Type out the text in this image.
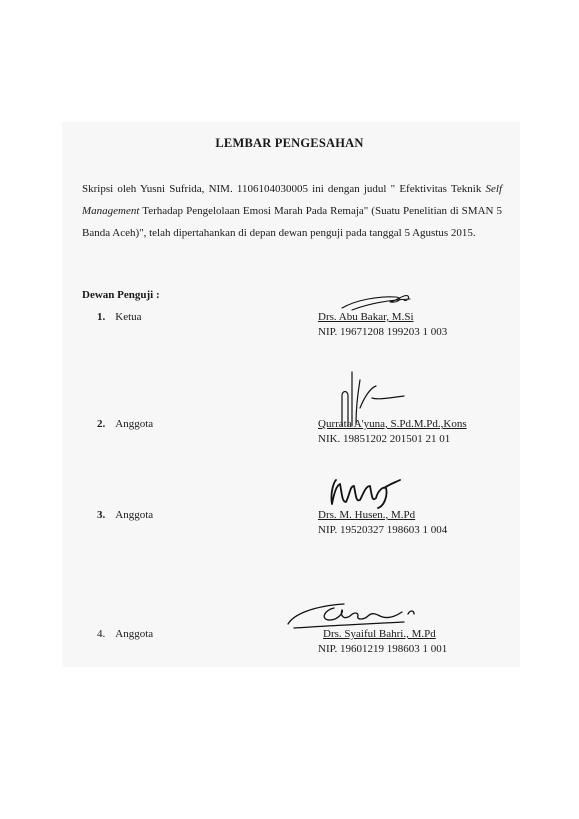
LEMBAR PENGESAHAN
Skripsi oleh Yusni Sufrida, NIM. 1106104030005 ini dengan judul " Efektivitas Teknik Self Management Terhadap Pengelolaan Emosi Marah Pada Remaja" (Suatu Penelitian di SMAN 5 Banda Aceh)", telah dipertahankan di depan dewan penguji pada tanggal 5 Agustus 2015.
Dewan Penguji :
1. Ketua	Drs. Abu Bakar, M.Si
NIP. 19671208 199203 1 003
2. Anggota	Qurrata A'yuna, S.Pd.M.Pd.,Kons
NIK. 19851202 201501 21 01
3. Anggota	Drs. M. Husen., M.Pd
NIP. 19520327 198603 1 004
4. Anggota	Drs. Syaiful Bahri., M.Pd
NIP. 19601219 198603 1 001
